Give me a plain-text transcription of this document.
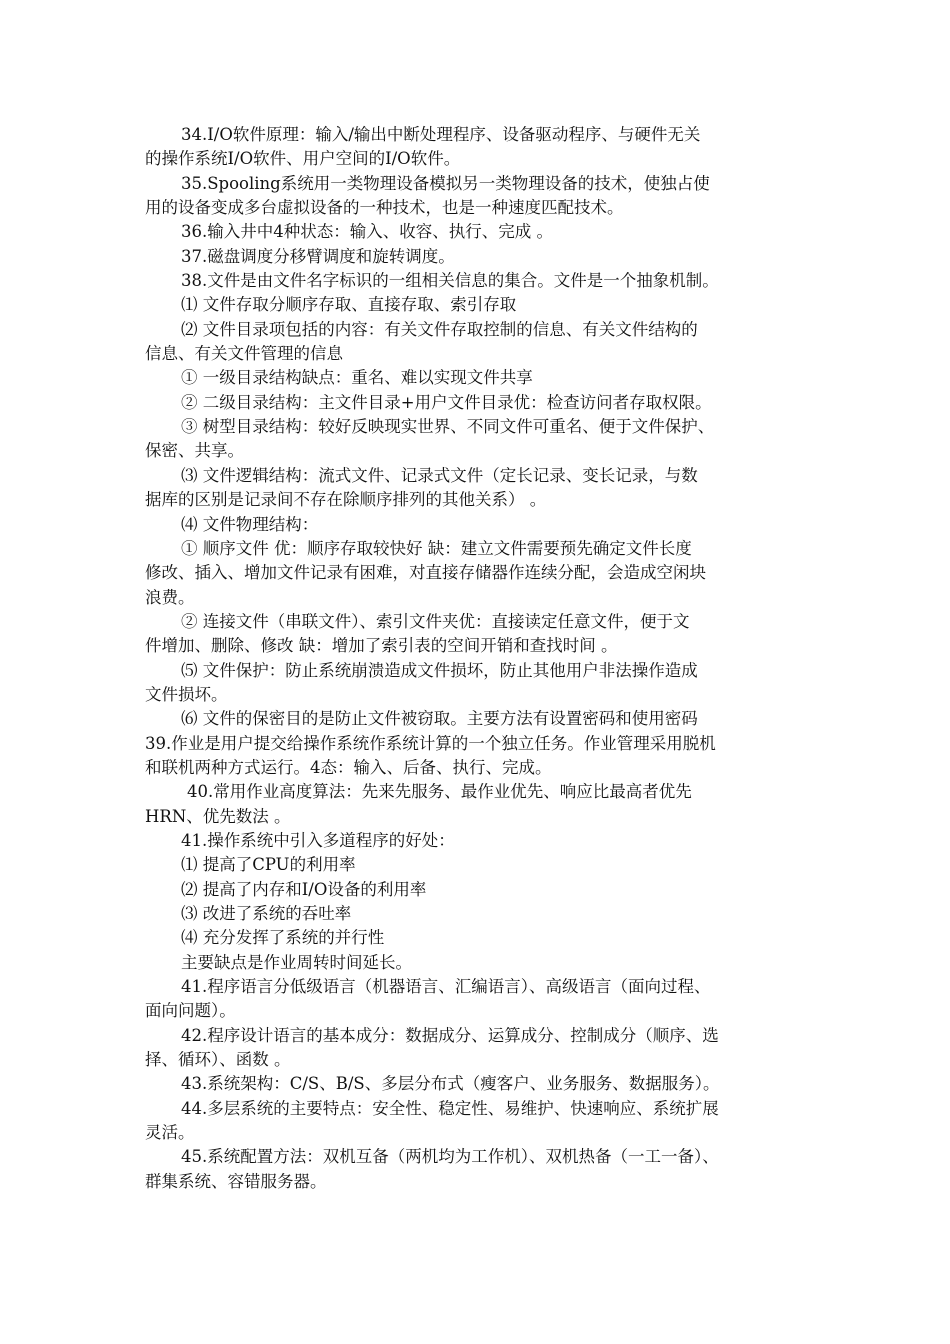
34.I/O软件原理：输入/输出中断处理程序、设备驱动程序、与硬件无关

的操作系统I/O软件、用户空间的I/O软件。

35.Spooling系统用一类物理设备模拟另一类物理设备的技术，使独占使

用的设备变成多台虚拟设备的一种技术，也是一种速度匹配技术。

36.输入井中4种状态：输入、收容、执行、完成 。

37.磁盘调度分移臂调度和旋转调度。

38.文件是由文件名字标识的一组相关信息的集合。文件是一个抽象机制。

⑴ 文件存取分顺序存取、直接存取、索引存取

⑵ 文件目录项包括的内容：有关文件存取控制的信息、有关文件结构的

信息、有关文件管理的信息

① 一级目录结构缺点：重名、难以实现文件共享

② 二级目录结构：主文件目录+用户文件目录优：检查访问者存取权限。

③ 树型目录结构：较好反映现实世界、不同文件可重名、便于文件保护、

保密、共享。

⑶ 文件逻辑结构：流式文件、记录式文件（定长记录、变长记录，与数

据库的区别是记录间不存在除顺序排列的其他关系） 。

⑷ 文件物理结构：

① 顺序文件 优：顺序存取较快好 缺：建立文件需要预先确定文件长度

修改、插入、增加文件记录有困难，对直接存储器作连续分配，会造成空闲块

浪费。

② 连接文件（串联文件）、索引文件夹优：直接读定任意文件，便于文

件增加、删除、修改 缺：增加了索引表的空间开销和查找时间 。

⑸ 文件保护：防止系统崩溃造成文件损坏，防止其他用户非法操作造成

文件损坏。

⑹ 文件的保密目的是防止文件被窃取。主要方法有设置密码和使用密码

39.作业是用户提交给操作系统作系统计算的一个独立任务。作业管理采用脱机

和联机两种方式运行。4态：输入、后备、执行、完成。

40.常用作业高度算法：先来先服务、最作业优先、响应比最高者优先

HRN、优先数法 。

41.操作系统中引入多道程序的好处：

⑴ 提高了CPU的利用率

⑵ 提高了内存和I/O设备的利用率

⑶ 改进了系统的吞吐率

⑷ 充分发挥了系统的并行性

主要缺点是作业周转时间延长。

41.程序语言分低级语言（机器语言、汇编语言）、高级语言（面向过程、

面向问题）。

42.程序设计语言的基本成分：数据成分、运算成分、控制成分（顺序、选

择、循环）、函数 。

43.系统架构：C/S、B/S、多层分布式（瘦客户、业务服务、数据服务）。

44.多层系统的主要特点：安全性、稳定性、易维护、快速响应、系统扩展

灵活。

45.系统配置方法：双机互备（两机均为工作机）、双机热备（一工一备）、

群集系统、容错服务器。
